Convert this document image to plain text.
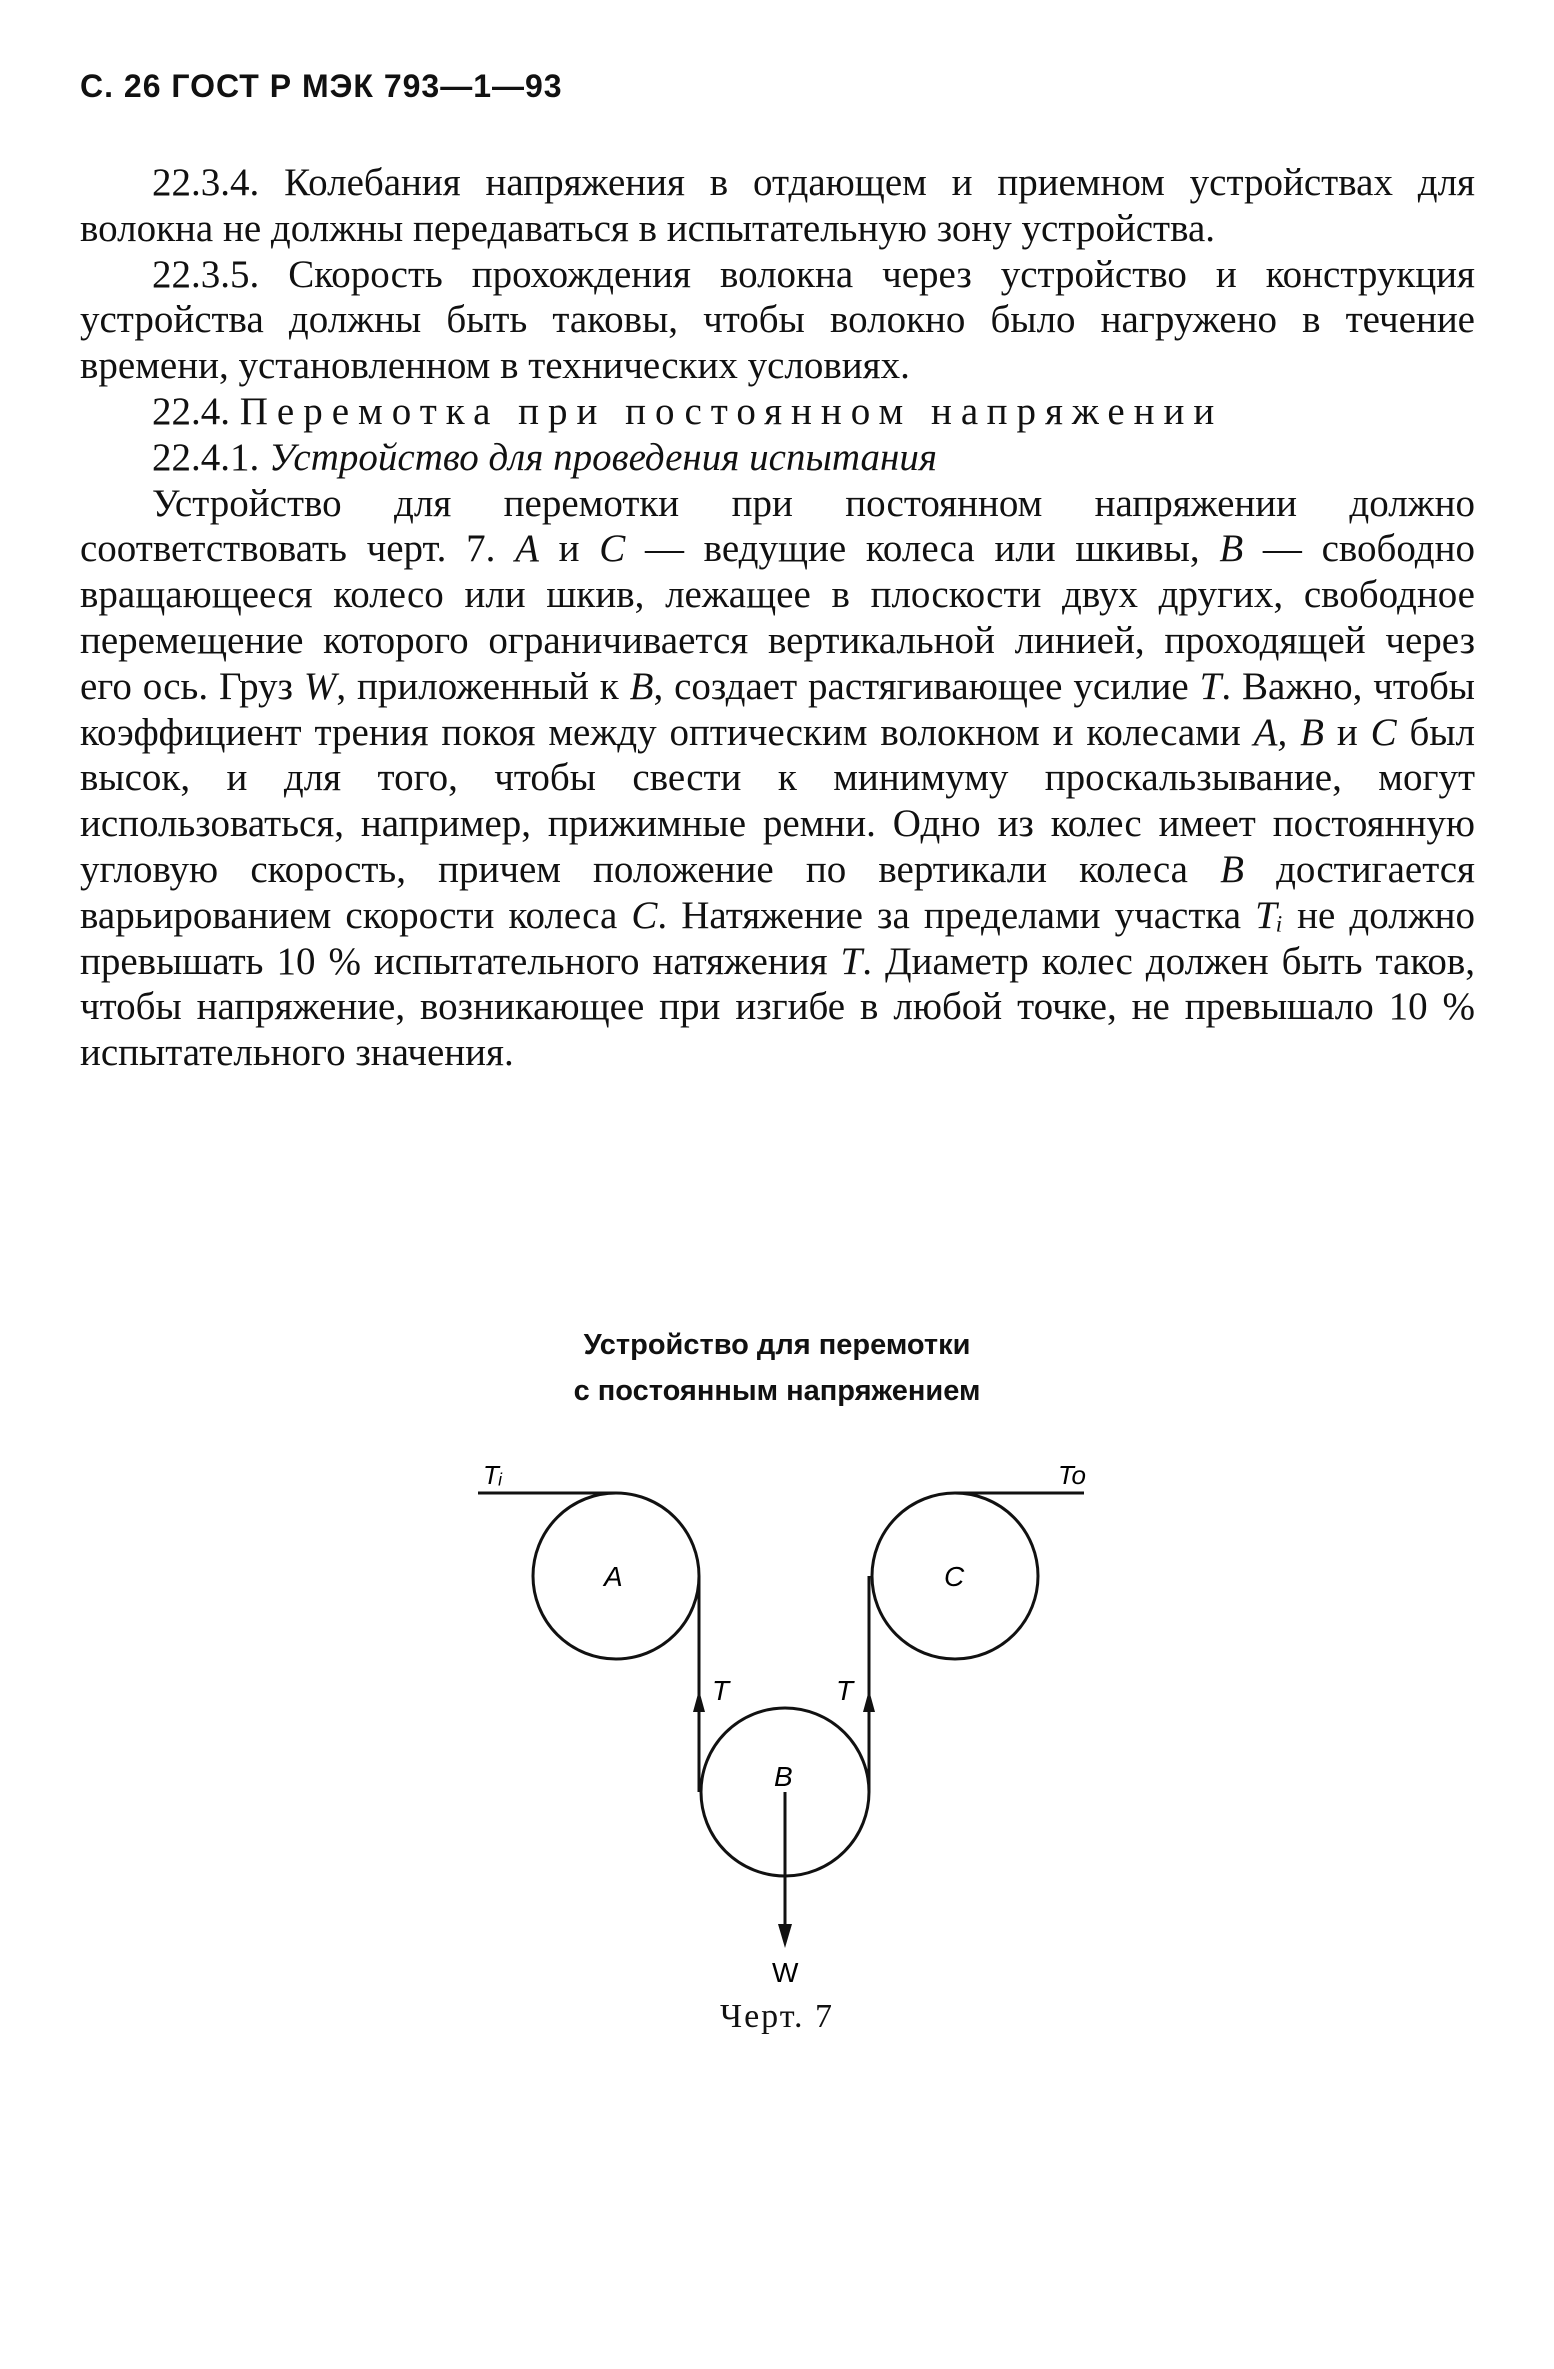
С. 26 ГОСТ Р МЭК 793—1—93

22.3.4. Колебания напряжения в отдающем и приемном устройствах для волокна не должны передаваться в испытательную зону устройства.

22.3.5. Скорость прохождения волокна через устройство и конструкция устройства должны быть таковы, чтобы волокно было нагружено в течение времени, установленном в технических условиях.

22.4. Перемотка при постоянном напряжении

22.4.1. Устройство для проведения испытания

Устройство для перемотки при постоянном напряжении должно соответствовать черт. 7. A и C — ведущие колеса или шкивы, B — свободно вращающееся колесо или шкив, лежащее в плоскости двух других, свободное перемещение которого ограничивается вертикальной линией, проходящей через его ось. Груз W, приложенный к B, создает растягивающее усилие T. Важно, чтобы коэффициент трения покоя между оптическим волокном и колесами A, B и C был высок, и для того, чтобы свести к минимуму проскальзывание, могут использоваться, например, прижимные ремни. Одно из колес имеет постоянную угловую скорость, причем положение по вертикали колеса B достигается варьированием скорости колеса C. Натяжение за пределами участка Tᵢ не должно превышать 10 % испытательного натяжения T. Диаметр колес должен быть таков, чтобы напряжение, возникающее при изгибе в любой точке, не превышало 10 % испытательного значения.

Устройство для перемотки
с постоянным напряжением
Tᵢ	To
A	C
B
T	T
W
Черт. 7
